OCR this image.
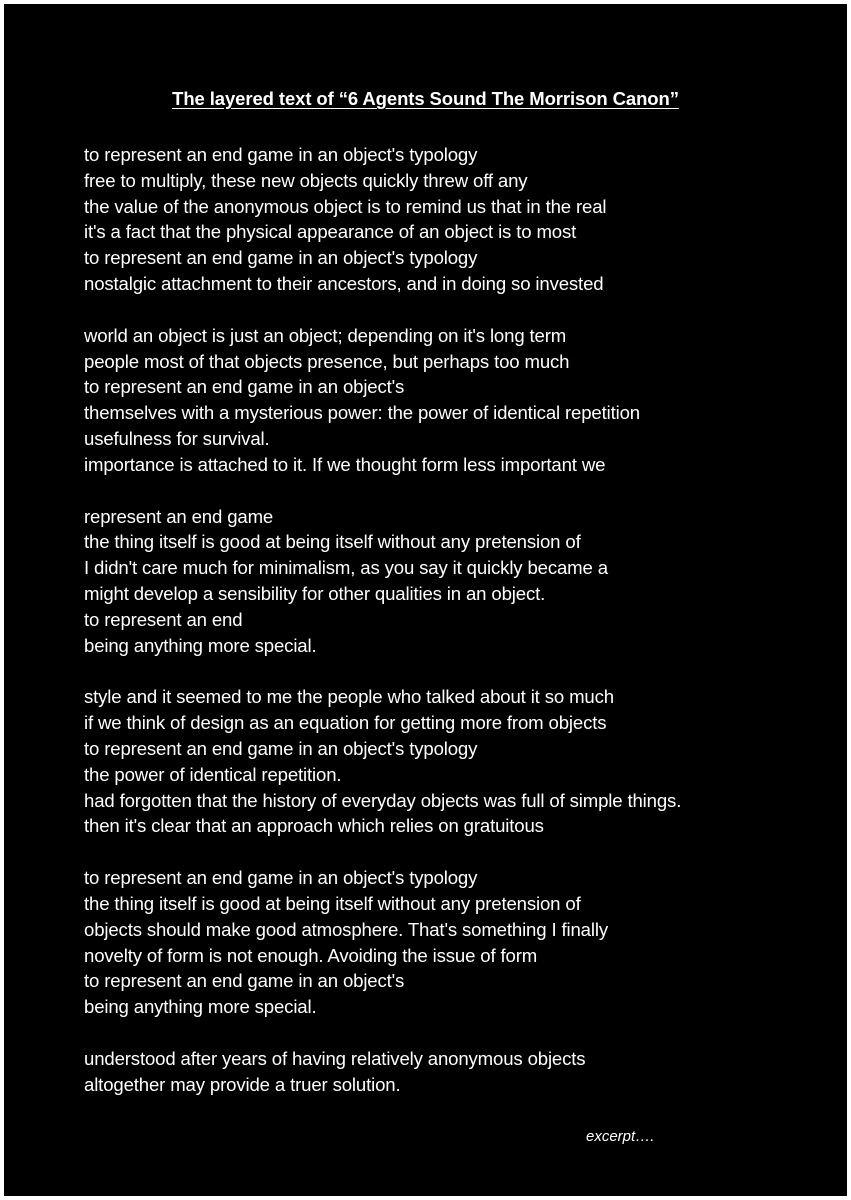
The layered text of “6 Agents Sound The Morrison Canon”
to represent an end game in an object's typology
free to multiply, these new objects quickly threw off any
the value of the anonymous object is to remind us that in the real
it's a fact that the physical appearance of an object is to most
to represent an end game in an object's typology
nostalgic attachment to their ancestors, and in doing so invested
world an object is just an object; depending on it's long term
people most of that objects presence, but perhaps too much
to represent an end game in an object's
themselves with a mysterious power: the power of identical repetition
usefulness for survival.
importance is attached to it. If we thought form less important we
represent an end game
the thing itself is good at being itself without any pretension of
I didn't care much for minimalism, as you say it quickly became a
might develop a sensibility for other qualities in an object.
to represent an end
being anything more special.
style and it seemed to me the people who talked about it so much
if we think of design as an equation for getting more from objects
to represent an end game in an object's typology
the power of identical repetition.
had forgotten that the history of everyday objects was full of simple things.
then it's clear that an approach which relies on gratuitous
to represent an end game in an object's typology
the thing itself is good at being itself without any pretension of
objects should make good atmosphere. That's something I finally
novelty of form is not enough. Avoiding the issue of form
to represent an end game in an object's
being anything more special.
understood after years of having relatively anonymous objects
altogether may provide a truer solution.
excerpt….
